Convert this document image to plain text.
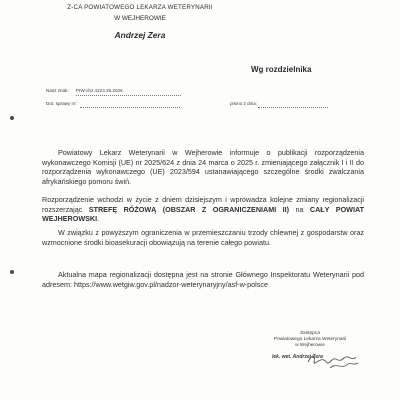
Z-CA POWIATOWEGO LEKARZA WETERYNARII
W WEJHEROWIE
Andrzej Zera
Wg rozdzielnika
Nasz znak: PIW-chz.4223.35.2025
Dot. sprawy nr:	pismo z dnia:
Powiatowy Lekarz Weterynarii w Wejherowie informuje o publikacji rozporządzenia wykonawczego Komisji (UE) nr 2025/624 z dnia 24 marca o 2025 r. zmieniającego załącznik I i II do rozporządzenia wykonawczego (UE) 2023/594 ustanawiającego szczególne środki zwalczania afrykańskiego pomoru świń.
Rozporządzenie wchodzi w życie z dniem dzisiejszym i wprowadza kolejne zmiany regionalizacji rozszerzając STREFĘ RÓŻOWĄ (OBSZAR Z OGRANICZENIAMI II) na CAŁY POWIAT WEJHEROWSKI.
W związku z powyższym ograniczenia w przemieszczaniu trzody chlewnej z gospodarstw oraz wzmocnione środki bioasekuracji obowiązują na terenie całego powiatu.
Aktualna mapa regionalizacji dostępna jest na stronie Głównego Inspektoratu Weterynarii pod adresem: https://www.wetgiw.gov.pl/nadzor-weterynaryjny/asf-w-polsce
Zastępca
Powiatowego Lekarza Weterynarii
w Wejherowie
lek. wet. Andrzej Zera
